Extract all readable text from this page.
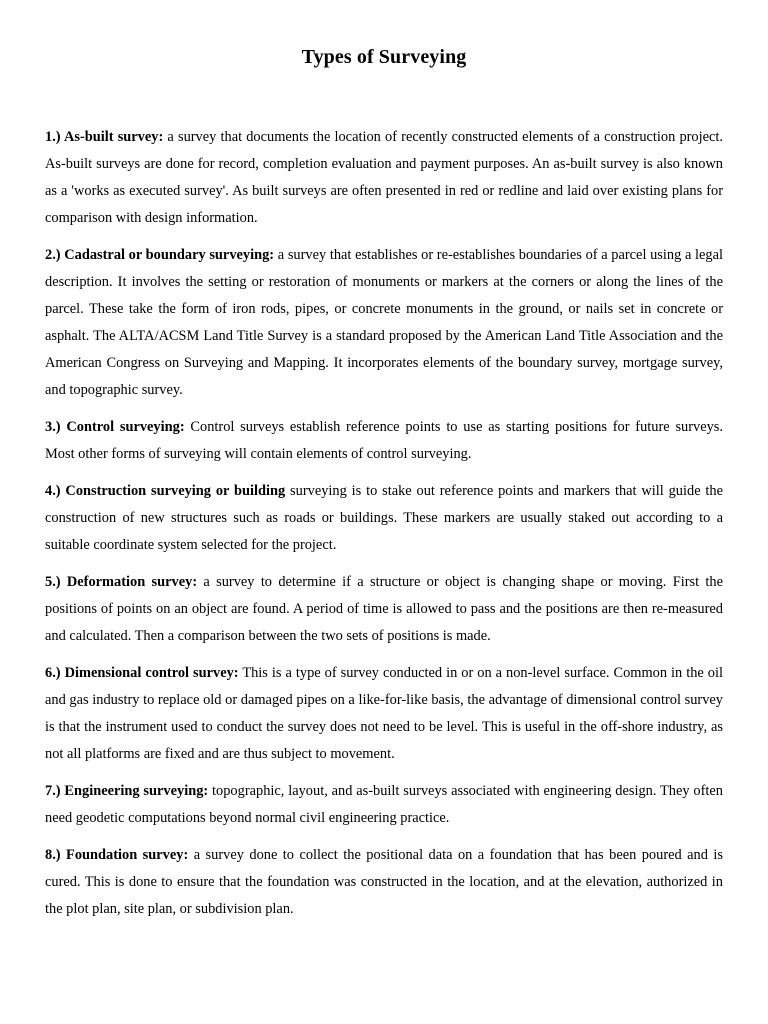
Types of Surveying

1.) As-built survey: a survey that documents the location of recently constructed elements of a construction project. As-built surveys are done for record, completion evaluation and payment purposes. An as-built survey is also known as a 'works as executed survey'. As built surveys are often presented in red or redline and laid over existing plans for comparison with design information.

2.) Cadastral or boundary surveying: a survey that establishes or re-establishes boundaries of a parcel using a legal description. It involves the setting or restoration of monuments or markers at the corners or along the lines of the parcel. These take the form of iron rods, pipes, or concrete monuments in the ground, or nails set in concrete or asphalt. The ALTA/ACSM Land Title Survey is a standard proposed by the American Land Title Association and the American Congress on Surveying and Mapping. It incorporates elements of the boundary survey, mortgage survey, and topographic survey.

3.) Control surveying: Control surveys establish reference points to use as starting positions for future surveys. Most other forms of surveying will contain elements of control surveying.

4.) Construction surveying or building surveying is to stake out reference points and markers that will guide the construction of new structures such as roads or buildings. These markers are usually staked out according to a suitable coordinate system selected for the project.

5.) Deformation survey: a survey to determine if a structure or object is changing shape or moving. First the positions of points on an object are found. A period of time is allowed to pass and the positions are then re-measured and calculated. Then a comparison between the two sets of positions is made.

6.) Dimensional control survey: This is a type of survey conducted in or on a non-level surface. Common in the oil and gas industry to replace old or damaged pipes on a like-for-like basis, the advantage of dimensional control survey is that the instrument used to conduct the survey does not need to be level. This is useful in the off-shore industry, as not all platforms are fixed and are thus subject to movement.

7.) Engineering surveying: topographic, layout, and as-built surveys associated with engineering design. They often need geodetic computations beyond normal civil engineering practice.

8.) Foundation survey: a survey done to collect the positional data on a foundation that has been poured and is cured. This is done to ensure that the foundation was constructed in the location, and at the elevation, authorized in the plot plan, site plan, or subdivision plan.
